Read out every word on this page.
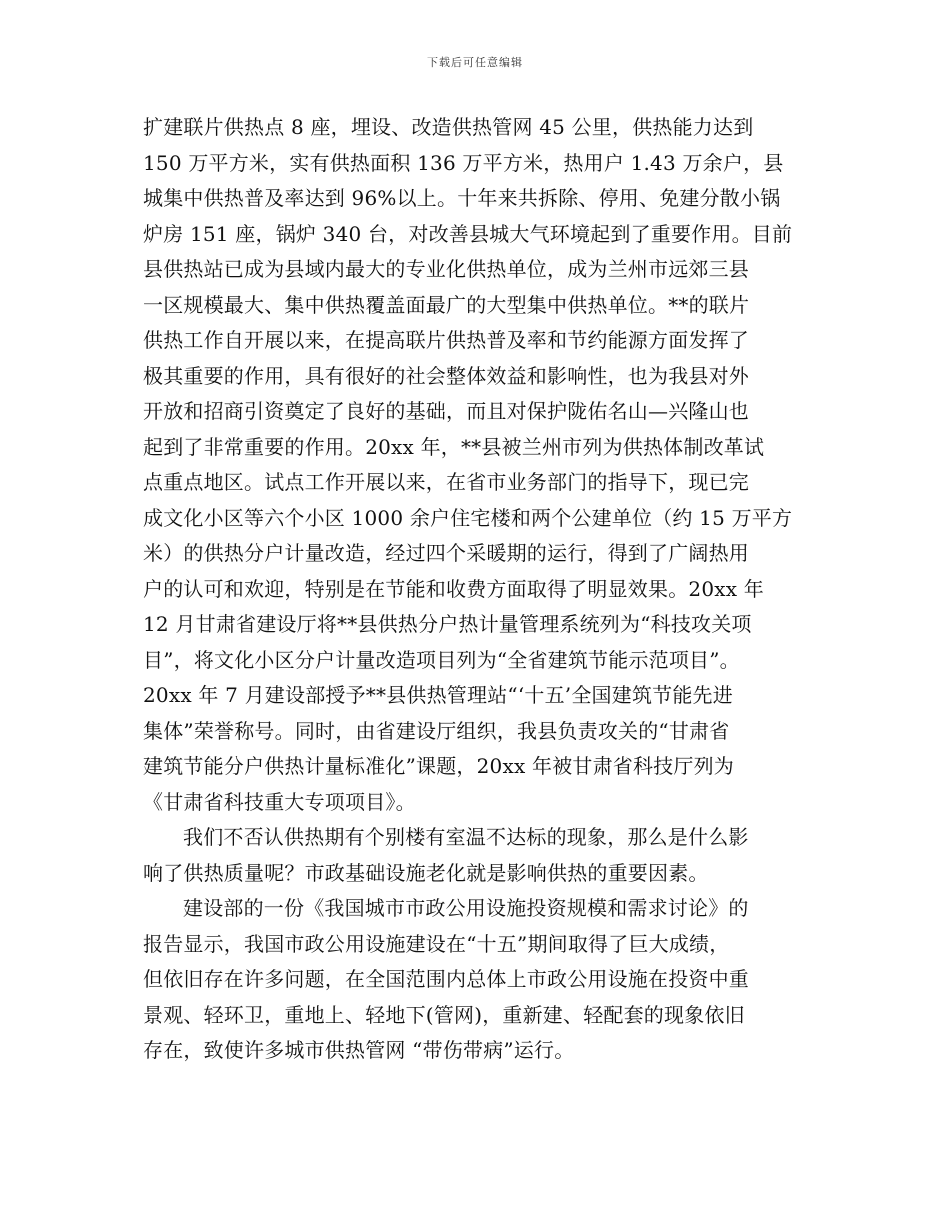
下载后可任意编辑
扩建联片供热点 8 座，埋设、改造供热管网 45 公里，供热能力达到
150 万平方米，实有供热面积 136 万平方米，热用户 1.43 万余户，县
城集中供热普及率达到 96%以上。十年来共拆除、停用、免建分散小锅
炉房 151 座，锅炉 340 台，对改善县城大气环境起到了重要作用。目前
县供热站已成为县域内最大的专业化供热单位，成为兰州市远郊三县
一区规模最大、集中供热覆盖面最广的大型集中供热单位。**的联片
供热工作自开展以来，在提高联片供热普及率和节约能源方面发挥了
极其重要的作用，具有很好的社会整体效益和影响性，也为我县对外
开放和招商引资奠定了良好的基础，而且对保护陇佑名山—兴隆山也
起到了非常重要的作用。20xx 年，**县被兰州市列为供热体制改革试
点重点地区。试点工作开展以来，在省市业务部门的指导下，现已完
成文化小区等六个小区 1000 余户住宅楼和两个公建单位（约 15 万平方
米）的供热分户计量改造，经过四个采暖期的运行，得到了广阔热用
户的认可和欢迎，特别是在节能和收费方面取得了明显效果。20xx 年
12 月甘肃省建设厅将**县供热分户热计量管理系统列为“科技攻关项
目”，将文化小区分户计量改造项目列为“全省建筑节能示范项目”。
20xx 年 7 月建设部授予**县供热管理站“‘十五’全国建筑节能先进
集体”荣誉称号。同时，由省建设厅组织，我县负责攻关的“甘肃省
建筑节能分户供热计量标准化”课题，20xx 年被甘肃省科技厅列为
《甘肃省科技重大专项项目》。
我们不否认供热期有个别楼有室温不达标的现象，那么是什么影
响了供热质量呢？市政基础设施老化就是影响供热的重要因素。
建设部的一份《我国城市市政公用设施投资规模和需求讨论》的
报告显示，我国市政公用设施建设在“十五”期间取得了巨大成绩，
但依旧存在许多问题，在全国范围内总体上市政公用设施在投资中重
景观、轻环卫，重地上、轻地下(管网)，重新建、轻配套的现象依旧
存在，致使许多城市供热管网 “带伤带病”运行。
